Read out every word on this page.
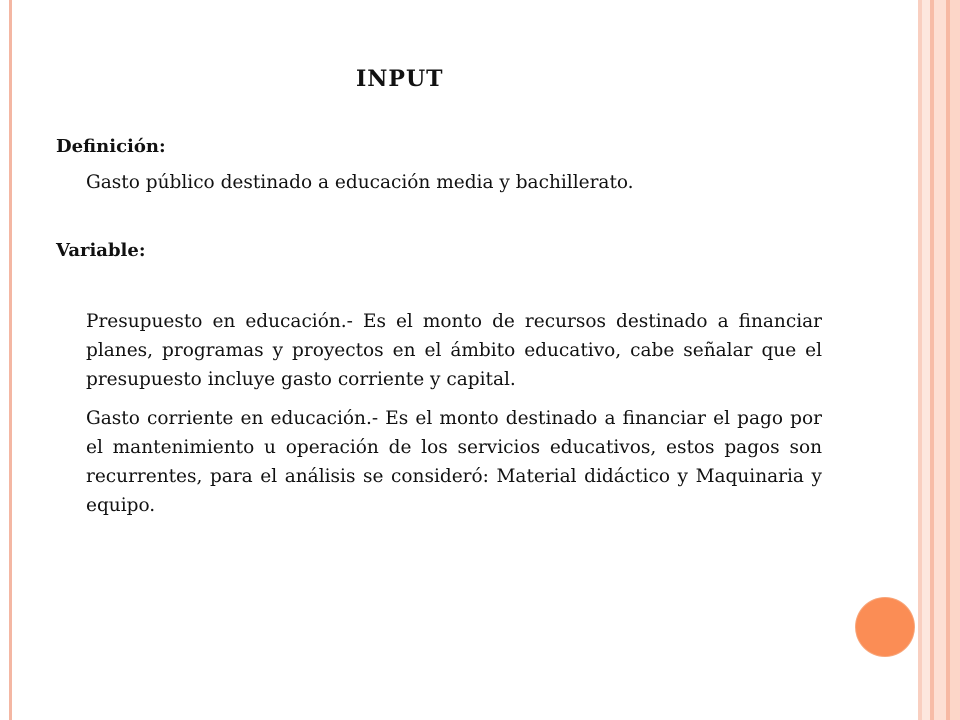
INPUT
Definición:
Gasto público destinado a educación media y bachillerato.
Variable:
Presupuesto en educación.- Es el monto de recursos destinado a financiar planes, programas y proyectos en el ámbito educativo, cabe señalar que el presupuesto incluye gasto corriente y capital.
Gasto corriente en educación.- Es el monto destinado a financiar el pago por el mantenimiento u operación de los servicios educativos, estos pagos son recurrentes, para el análisis se consideró: Material didáctico y Maquinaria y equipo.
